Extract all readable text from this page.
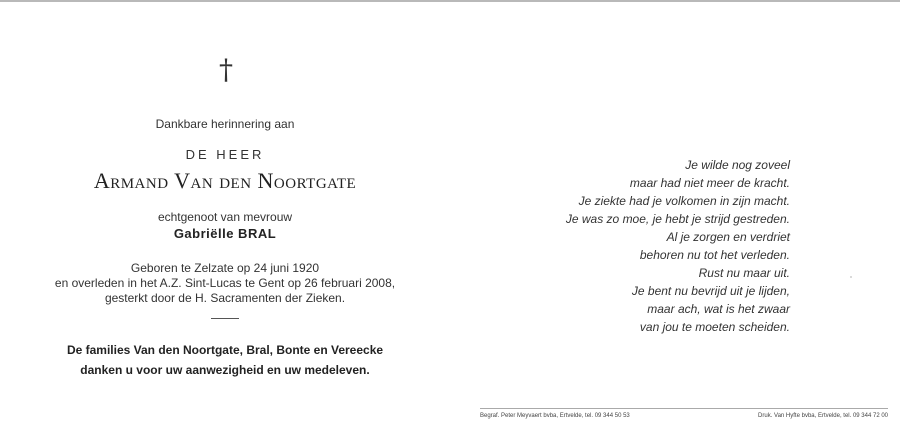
†
Dankbare herinnering aan
DE HEER
Armand Van den Noortgate
echtgenoot van mevrouw
Gabriëlle BRAL
Geboren te Zelzate op 24 juni 1920
en overleden in het A.Z. Sint-Lucas te Gent op 26 februari 2008,
gesterkt door de H. Sacramenten der Zieken.
De families Van den Noortgate, Bral, Bonte en Vereecke
danken u voor uw aanwezigheid en uw medeleven.
Je wilde nog zoveel
maar had niet meer de kracht.
Je ziekte had je volkomen in zijn macht.
Je was zo moe, je hebt je strijd gestreden.
Al je zorgen en verdriet
behoren nu tot het verleden.
Rust nu maar uit.
Je bent nu bevrijd uit je lijden,
maar ach, wat is het zwaar
van jou te moeten scheiden.
Begraf. Peter Meyvaert bvba, Ertvelde, tel. 09 344 50 53	Druk. Van Hyfte bvba, Ertvelde, tel. 09 344 72 00
